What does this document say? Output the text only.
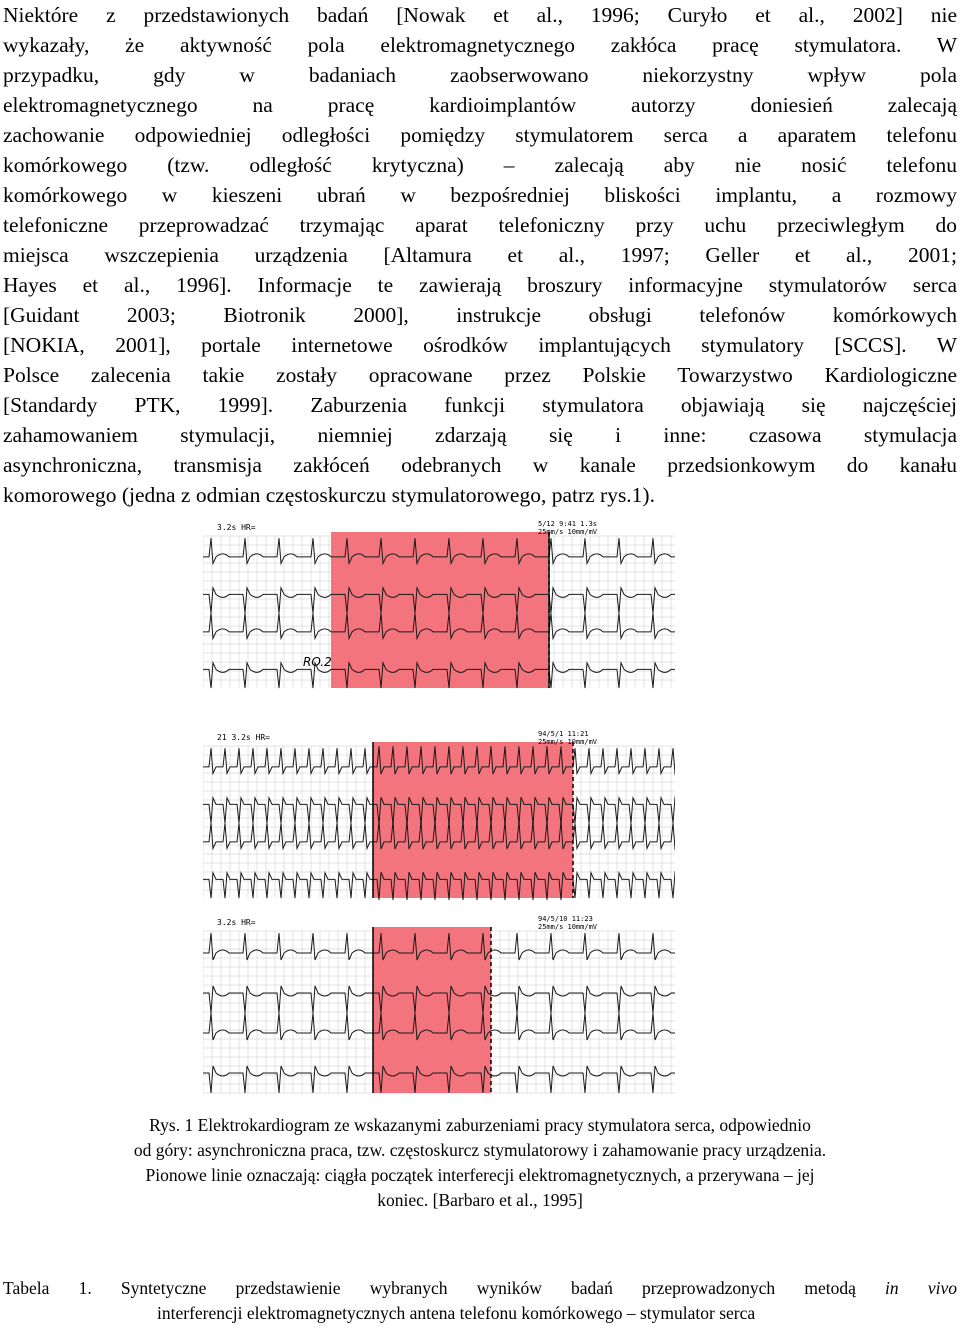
Niektóre z przedstawionych badań [Nowak et al., 1996; Curyło et al., 2002] nie
wykazały, że aktywność pola elektromagnetycznego zakłóca pracę stymulatora. W
przypadku, gdy w badaniach zaobserwowano niekorzystny wpływ pola
elektromagnetycznego na pracę kardioimplantów autorzy doniesień zalecają
zachowanie odpowiedniej odległości pomiędzy stymulatorem serca a aparatem telefonu
komórkowego (tzw. odległość krytyczna) – zalecają aby nie nosić telefonu
komórkowego w kieszeni ubrań w bezpośredniej bliskości implantu, a rozmowy
telefoniczne przeprowadzać trzymając aparat telefoniczny przy uchu przeciwległym do
miejsca wszczepienia urządzenia [Altamura et al., 1997; Geller et al., 2001;
Hayes et al., 1996]. Informacje te zawierają broszury informacyjne stymulatorów serca
[Guidant 2003; Biotronik 2000], instrukcje obsługi telefonów komórkowych
[NOKIA, 2001], portale internetowe ośrodków implantujących stymulatory [SCCS]. W
Polsce zalecenia takie zostały opracowane przez Polskie Towarzystwo Kardiologiczne
[Standardy PTK, 1999]. Zaburzenia funkcji stymulatora objawiają się najczęściej
zahamowaniem stymulacji, niemniej zdarzają się i inne: czasowa stymulacja
asynchroniczna, transmisja zakłóceń odebranych w kanale przedsionkowym do kanału
komorowego (jedna z odmian częstoskurczu stymulatorowego, patrz rys.1).
3.2s HR=	5/12 9:41 1.3s
25mm/s 10mm/mV
RO.2
21 3.2s HR=	94/5/1 11:21
25mm/s 10mm/mV
3.2s HR=	94/5/10 11:23
25mm/s 10mm/mV
Rys. 1 Elektrokardiogram ze wskazanymi zaburzeniami pracy stymulatora serca, odpowiednio
od góry: asynchroniczna praca, tzw. częstoskurcz stymulatorowy i zahamowanie pracy urządzenia.
Pionowe linie oznaczają: ciągła początek interferecji elektromagnetycznych, a przerywana – jej
koniec. [Barbaro et al., 1995]
Tabela 1. Syntetyczne przedstawienie wybranych wyników badań przeprowadzonych metodą in vivo
interferencji elektromagnetycznych antena telefonu komórkowego – stymulator serca
